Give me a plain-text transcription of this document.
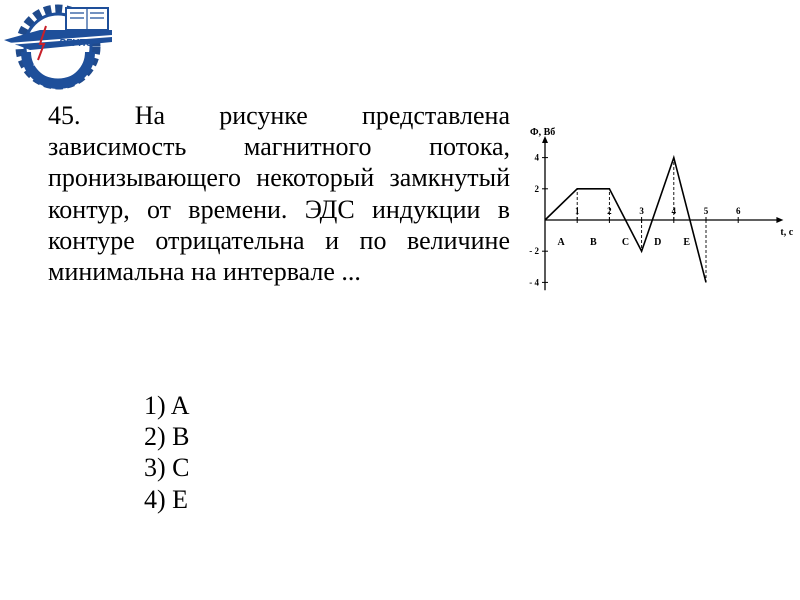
РОСТОВ-НА-ДОНУ
РГУПС
45. На рисунке представлена зависимость магнитного потока, пронизывающего некоторый замкнутый контур, от времени. ЭДС индукции в контуре отрицательна и по величине минимальна на интервале ...
1) A
2) B
3) C
4) E
1	2	3	4	5	6
4
2
- 2
- 4
Ф, Вб
t, c
A	B	C D E
